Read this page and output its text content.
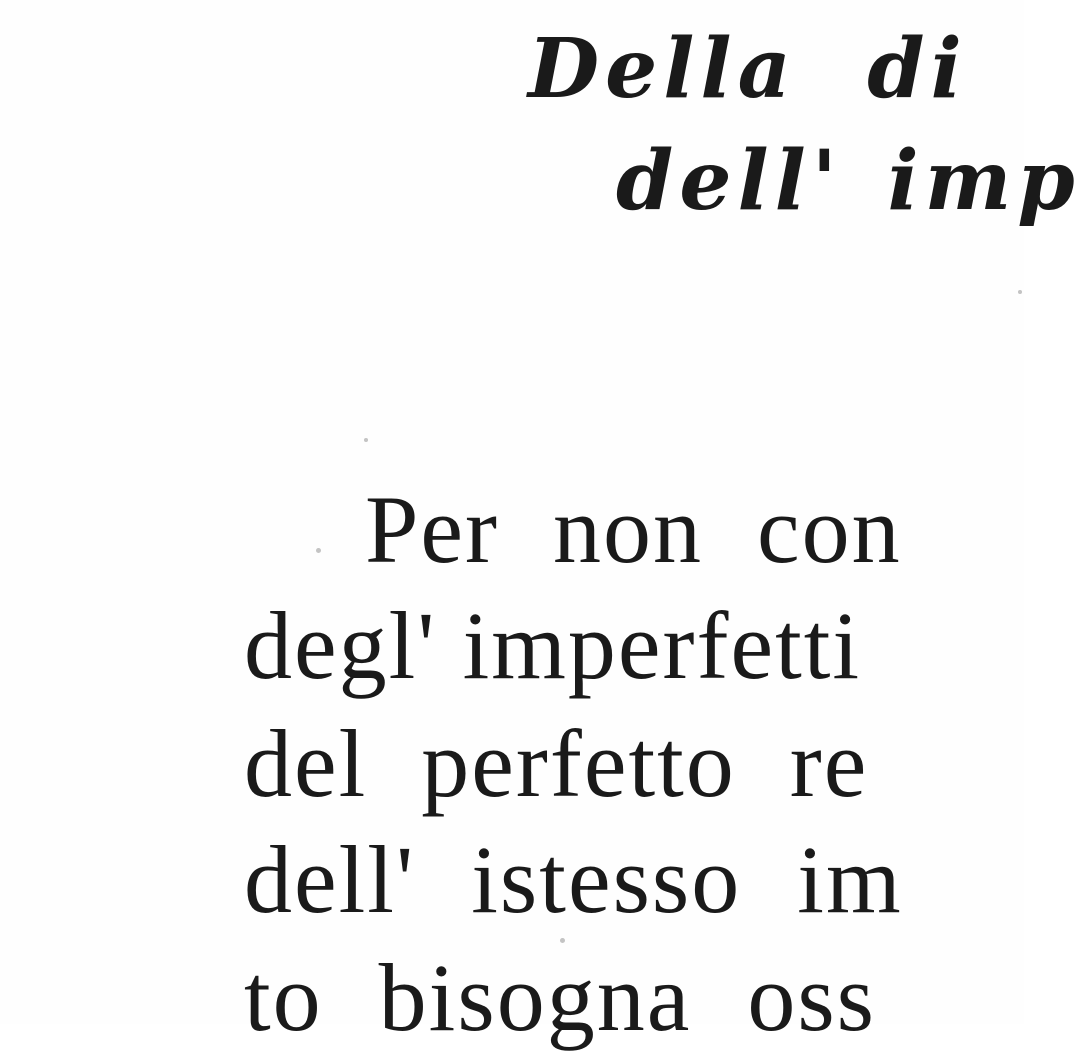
Della di
dell' imp
Per non con
degl' imperfetti
del perfetto re
dell' istesso im
to bisogna oss
